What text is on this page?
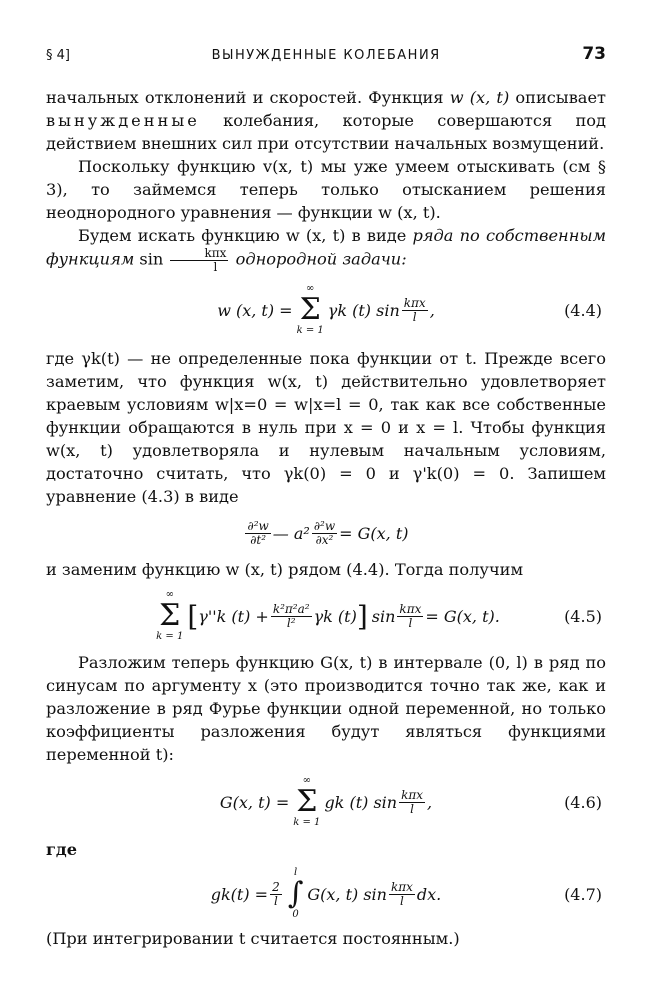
§ 4]	ВЫНУЖДЕННЫЕ КОЛЕБАНИЯ	73

начальных отклонений и скоростей. Функция w (x, t) описывает вынужденные колебания, которые совершаются под действием внешних сил при отсутствии начальных возмущений.

Поскольку функцию v(x, t) мы уже умеем отыскивать (см § 3), то займемся теперь только отысканием решения неоднородного уравнения — функции w (x, t).

Будем искать функцию w (x, t) в виде ряда по собственным функциям $\sin \frac{\text{kπx}}{l}$ однородной задачи:

w (x, t) =
∞
Σ
k = 1
γk (t) $\sin \frac{\text{kπx}}{l}$ ,	(4.4)

где γk(t) — не определенные пока функции от t. Прежде всего заметим, что функция w(x, t) действительно удовлетворяет краевым условиям w|x=0 = w|x=l = 0, так как все собственные функции обращаются в нуль при x = 0 и x = l. Чтобы функция w(x, t) удовлетворяла и нулевым начальным условиям, достаточно считать, что γk(0) = 0 и γ'k(0) = 0. Запишем уравнение (4.3) в виде

$\frac{\text{∂²w}}{\text{∂t²}}$ — $a^2 \frac{\text{∂²w}}{\text{∂x²}} = G(x$, t)

и заменим функцию w (x, t) рядом (4.4). Тогда получим

∞
Σ
k = 1
[ γ''k $(t) + \frac{\text{k²π²a²}}{\text{l²}}$ γk (t) ] $\sin \frac{\text{kπx}}{l} = G(x$, t).	(4.5)

Разложим теперь функцию G(x, t) в интервале (0, l) в ряд по синусам по аргументу x (это производится точно так же, как и разложение в ряд Фурье функции одной переменной, но только коэффициенты разложения будут являться функциями переменной t):

G(x, t) =
∞
Σ
k = 1
gk (t) $\sin \frac{\text{kπx}}{l}$ ,	(4.6)

где

$gk(t) = \frac{2}{l}$
l
∫
0
G(x, t) $\sin \frac{\text{kπx}}{l}$ dx.	(4.7)

(При интегрировании t считается постоянным.)
